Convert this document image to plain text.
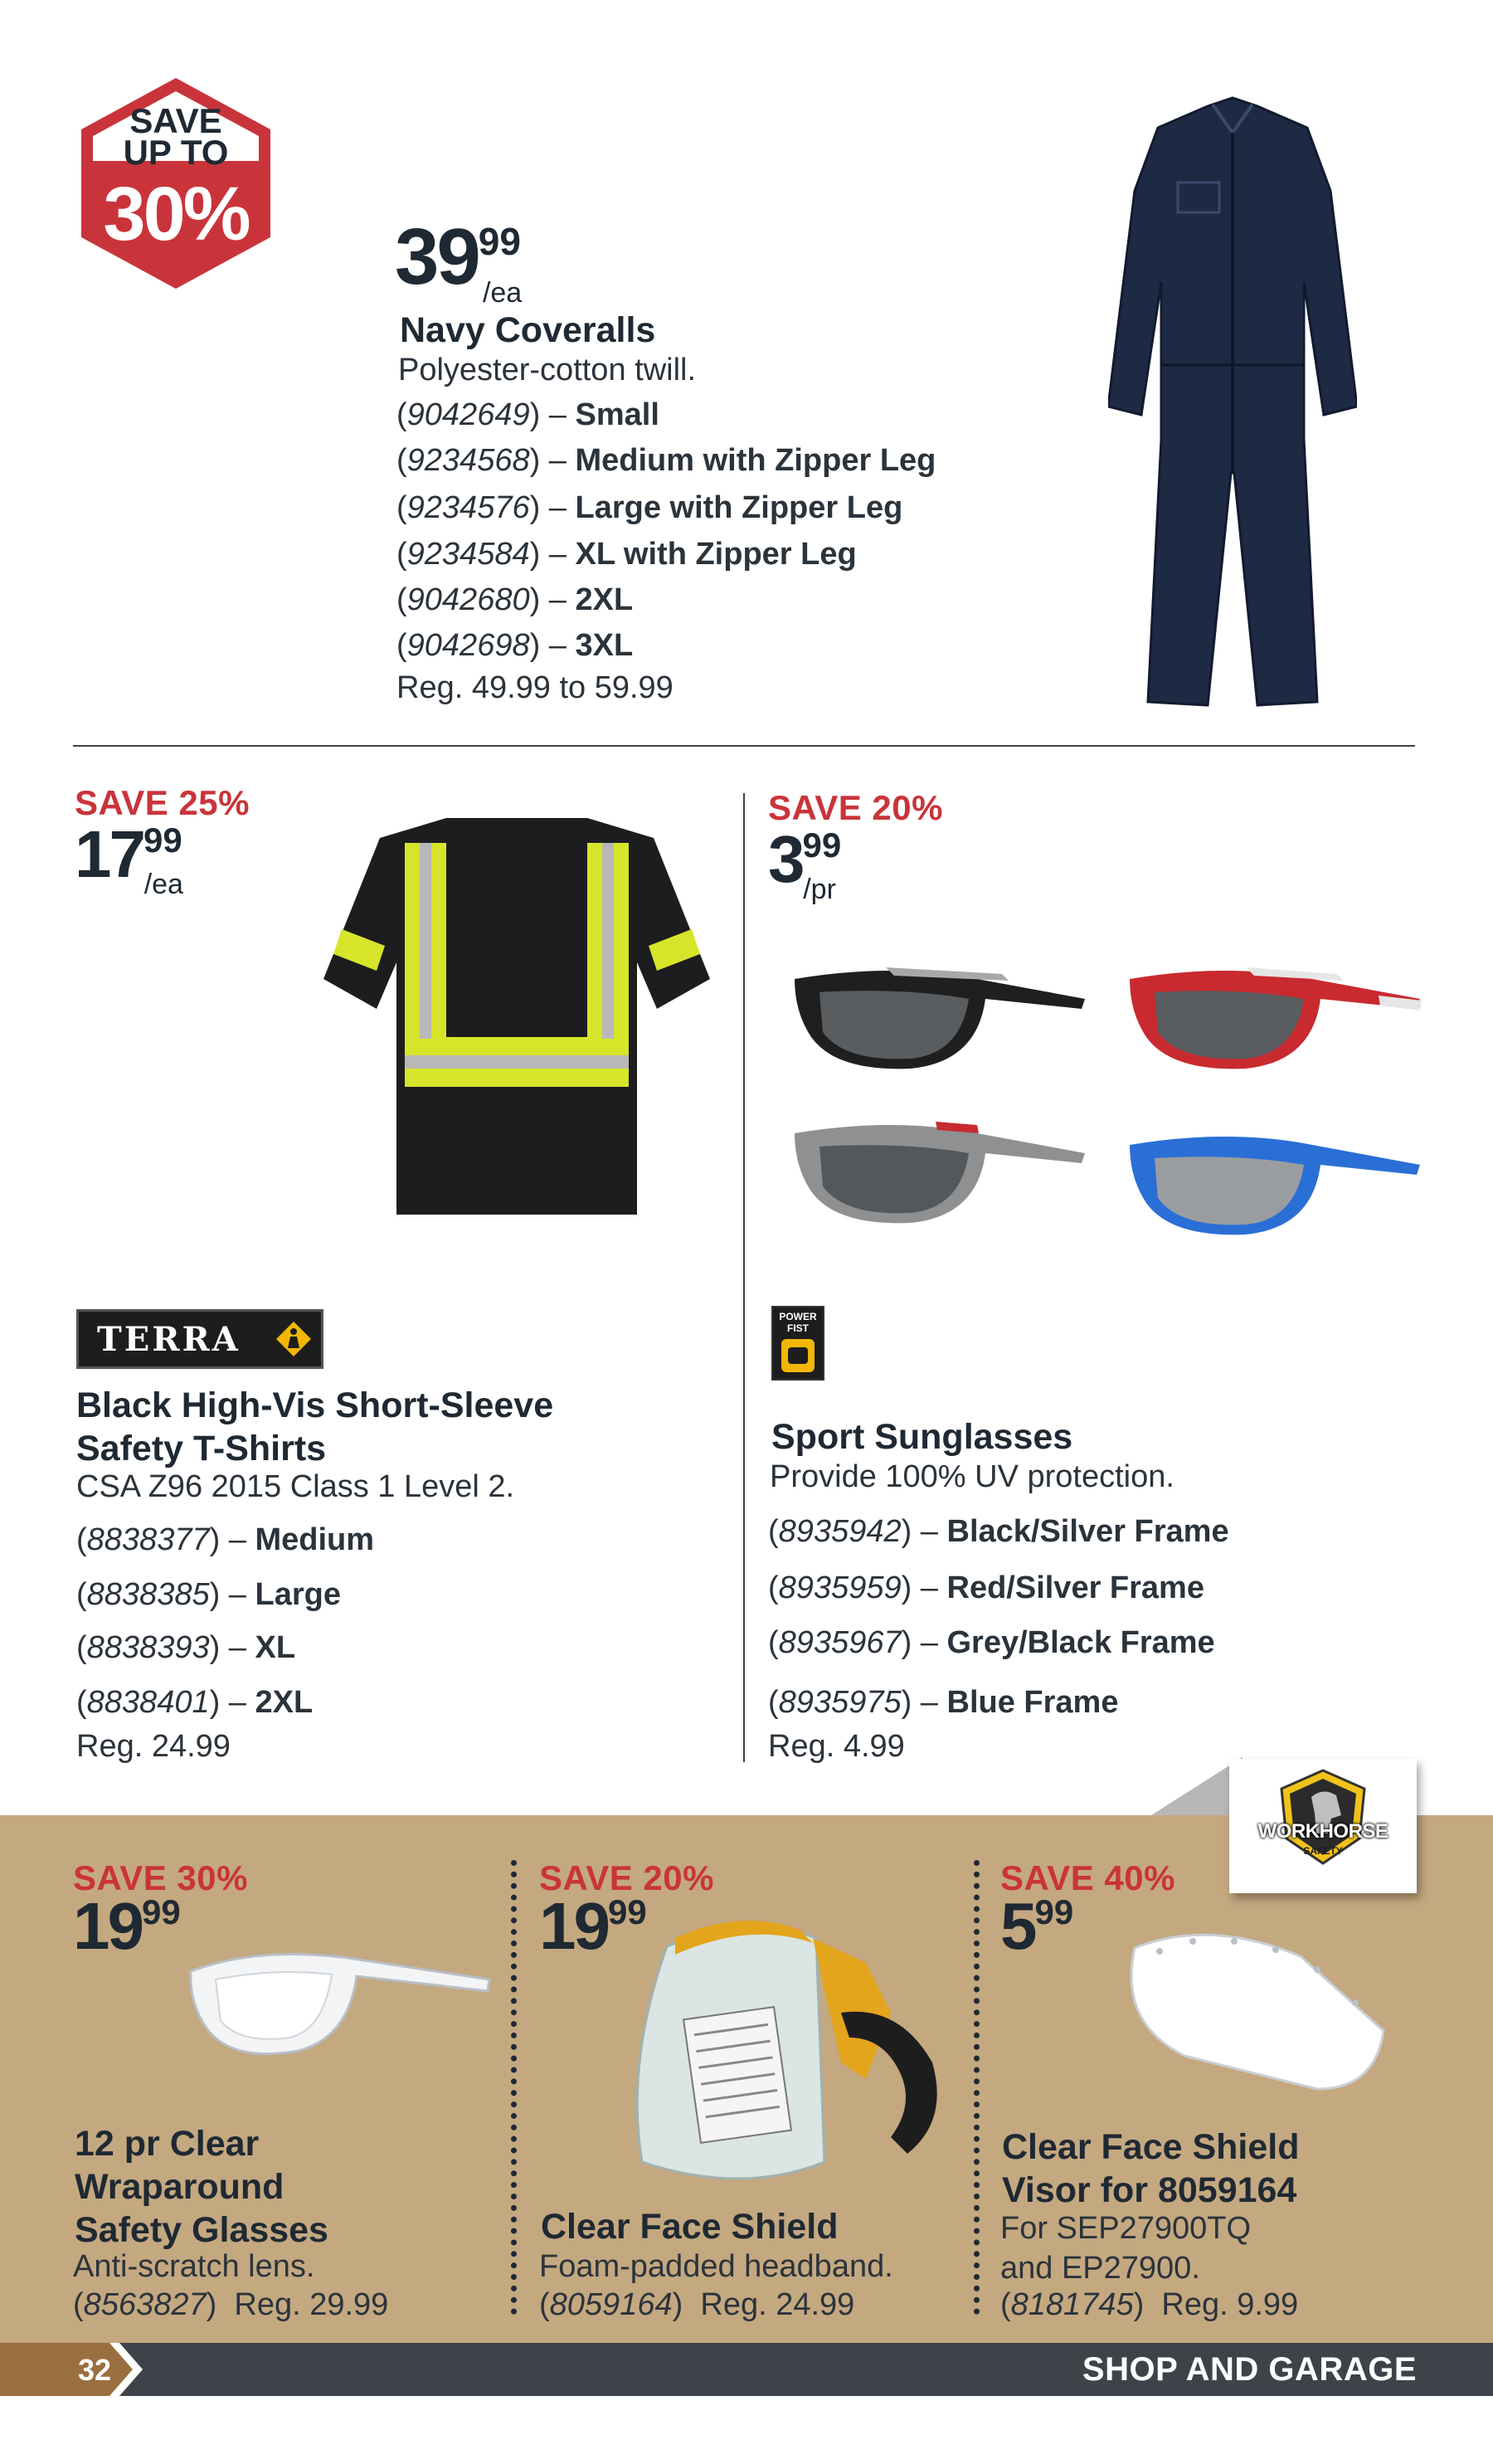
SAVE
UP TO
30%	3999/ea
Navy Coveralls
Polyester-cotton twill.
(9042649) – Small
(9234568) – Medium with Zipper Leg
(9234576) – Large with Zipper Leg
(9234584) – XL with Zipper Leg
(9042680) – 2XL
(9042698) – 3XL
Reg. 49.99 to 59.99
SAVE 25%
1799/ea
TERRA
Black High-Vis Short-Sleeve
Safety T-Shirts
CSA Z96 2015 Class 1 Level 2.
(8838377) – Medium
(8838385) – Large
(8838393) – XL
(8838401) – 2XL
Reg. 24.99
SAVE 20%
399/pr
POWER
FIST
Sport Sunglasses
Provide 100% UV protection.
(8935942) – Black/Silver Frame
(8935959) – Red/Silver Frame
(8935967) – Grey/Black Frame
(8935975) – Blue Frame
Reg. 4.99
WORKHORSE
SAFETY
SAVE 30%
1999
12 pr Clear
Wraparound
Safety Glasses
Anti-scratch lens.
(8563827)  Reg. 29.99
SAVE 20%
1999
Clear Face Shield
Foam-padded headband.
(8059164)  Reg. 24.99
SAVE 40%
599
Clear Face Shield
Visor for 8059164
For SEP27900TQ
and EP27900.
(8181745)  Reg. 9.99
32	SHOP AND GARAGE
